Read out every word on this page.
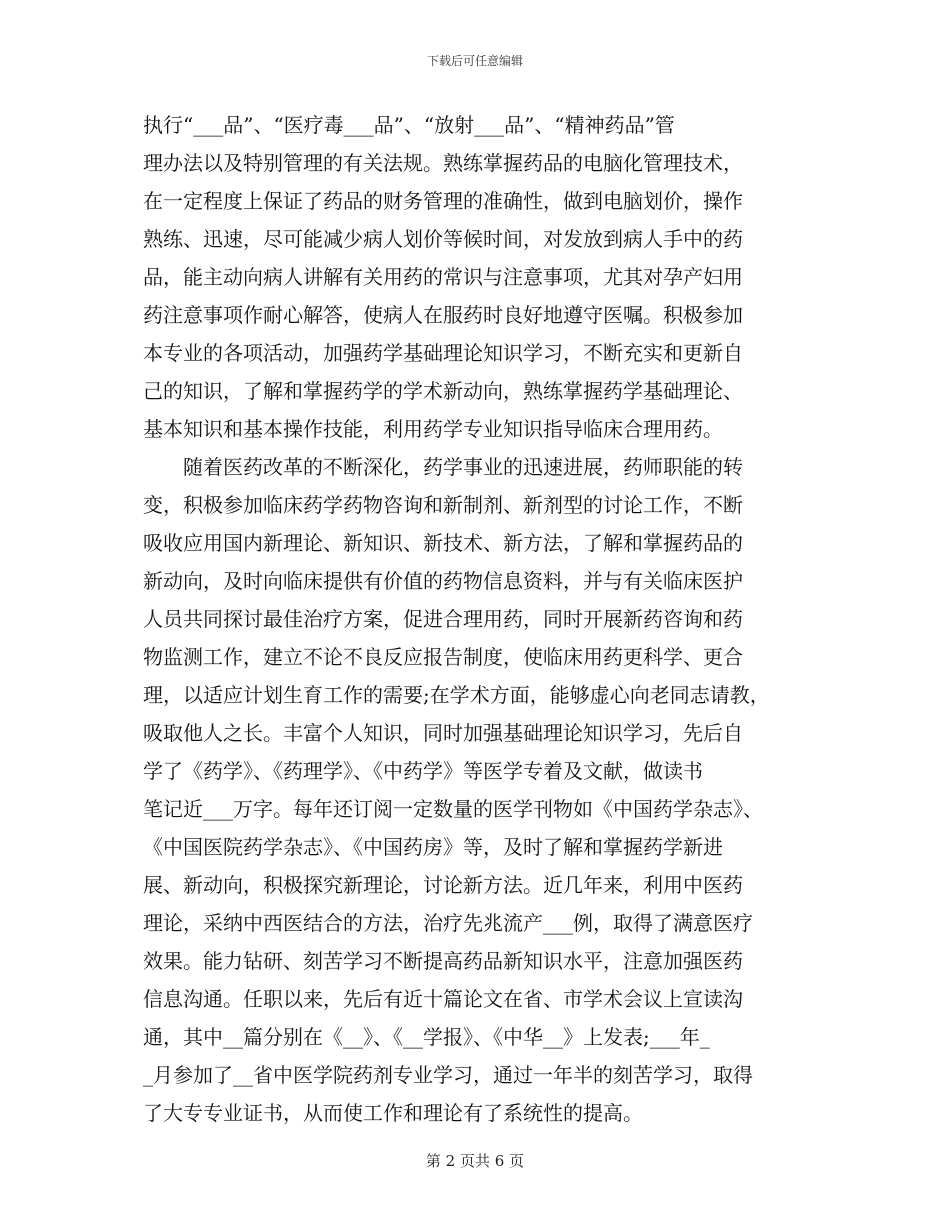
下载后可任意编辑
执行“___品”、“医疗毒___品”、“放射___品”、“精神药品”管
理办法以及特别管理的有关法规。熟练掌握药品的电脑化管理技术，
在一定程度上保证了药品的财务管理的准确性，做到电脑划价，操作
熟练、迅速，尽可能减少病人划价等候时间，对发放到病人手中的药
品，能主动向病人讲解有关用药的常识与注意事项，尤其对孕产妇用
药注意事项作耐心解答，使病人在服药时良好地遵守医嘱。积极参加
本专业的各项活动，加强药学基础理论知识学习，不断充实和更新自
己的知识，了解和掌握药学的学术新动向，熟练掌握药学基础理论、
基本知识和基本操作技能，利用药学专业知识指导临床合理用药。
　　随着医药改革的不断深化，药学事业的迅速进展，药师职能的转
变，积极参加临床药学药物咨询和新制剂、新剂型的讨论工作，不断
吸收应用国内新理论、新知识、新技术、新方法，了解和掌握药品的
新动向，及时向临床提供有价值的药物信息资料，并与有关临床医护
人员共同探讨最佳治疗方案，促进合理用药，同时开展新药咨询和药
物监测工作，建立不论不良反应报告制度，使临床用药更科学、更合
理，以适应计划生育工作的需要;在学术方面，能够虚心向老同志请教，
吸取他人之长。丰富个人知识，同时加强基础理论知识学习，先后自
学了《药学》、《药理学》、《中药学》等医学专着及文献，做读书
笔记近___万字。每年还订阅一定数量的医学刊物如《中国药学杂志》、
《中国医院药学杂志》、《中国药房》等，及时了解和掌握药学新进
展、新动向，积极探究新理论，讨论新方法。近几年来，利用中医药
理论，采纳中西医结合的方法，治疗先兆流产___例，取得了满意医疗
效果。能力钻研、刻苦学习不断提高药品新知识水平，注意加强医药
信息沟通。任职以来，先后有近十篇论文在省、市学术会议上宣读沟
通，其中__篇分别在《__》、《__学报》、《中华__》上发表;___年_
_月参加了__省中医学院药剂专业学习，通过一年半的刻苦学习，取得
了大专专业证书，从而使工作和理论有了系统性的提高。
第 2 页共 6 页
